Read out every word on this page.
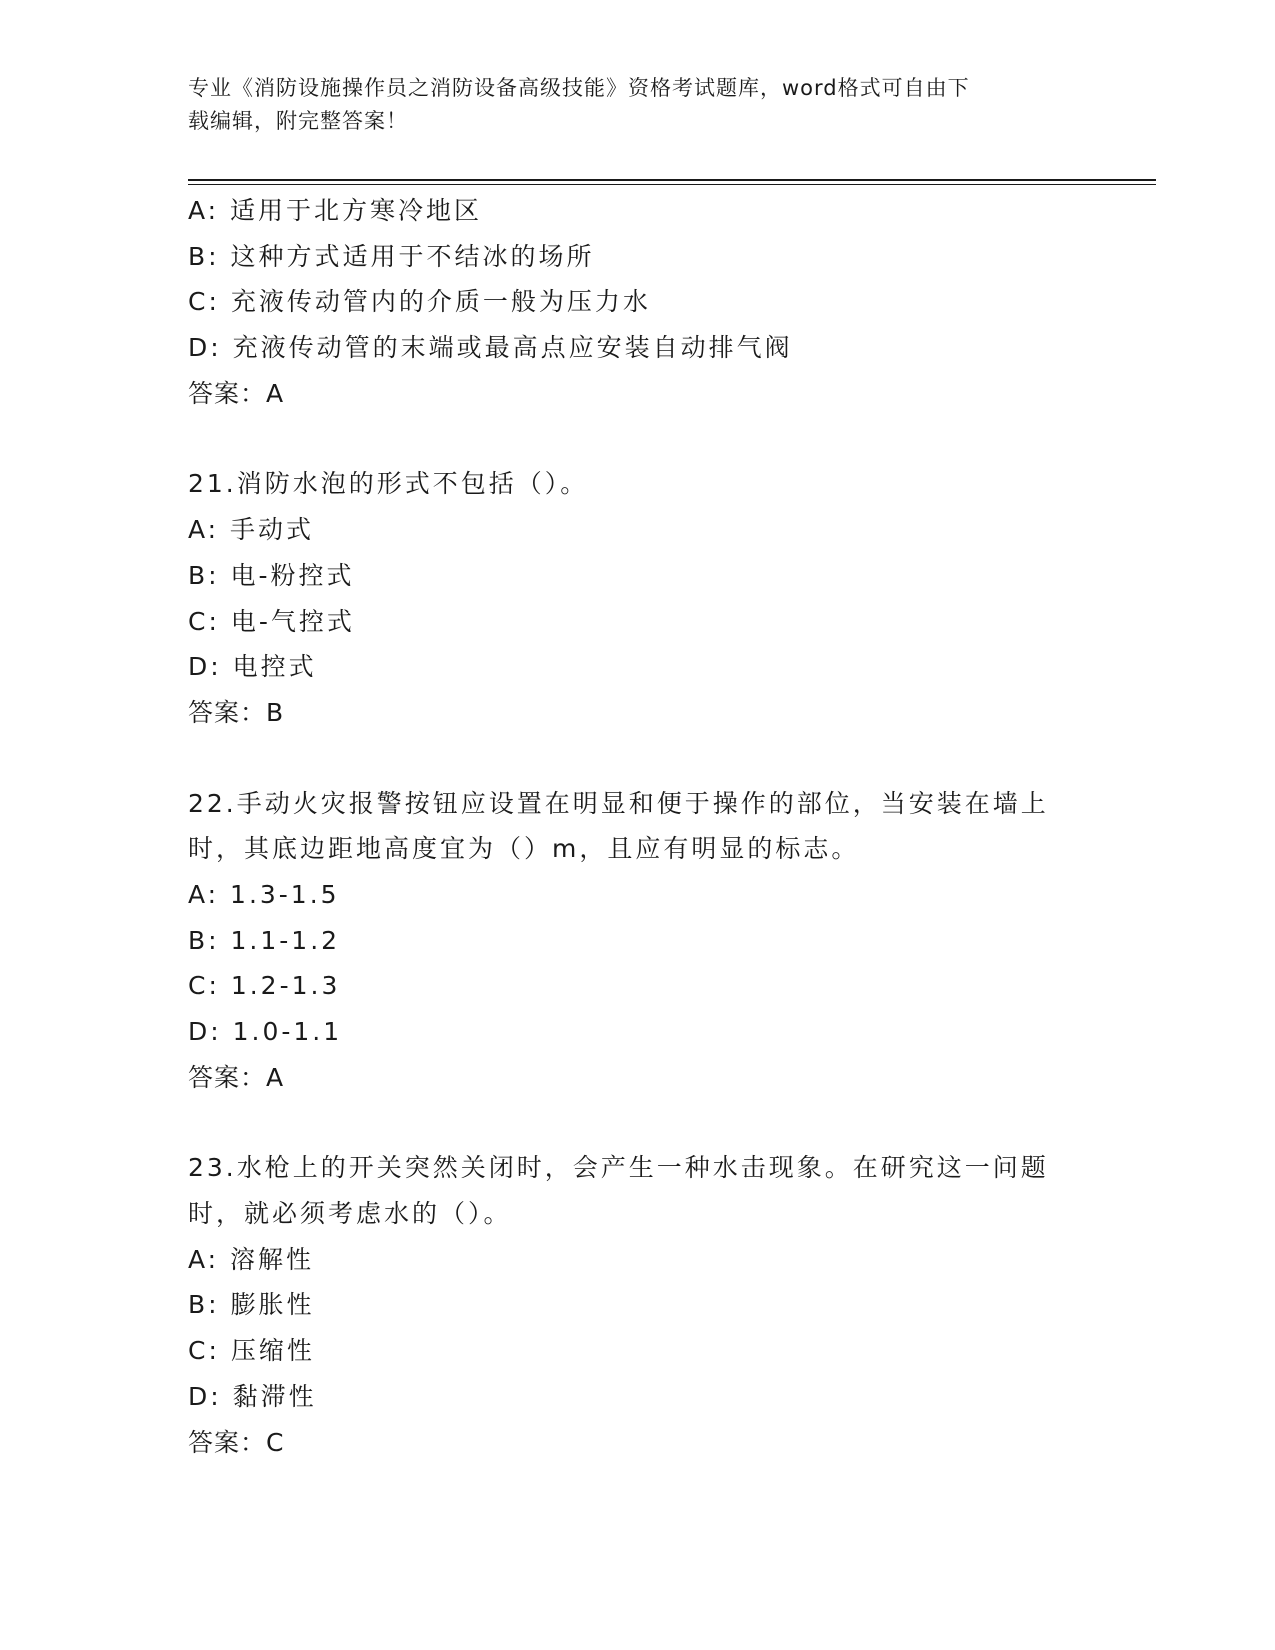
专业《消防设施操作员之消防设备高级技能》资格考试题库，word格式可自由下
载编辑，附完整答案！
A: 适用于北方寒冷地区
B: 这种方式适用于不结冰的场所
C: 充液传动管内的介质一般为压力水
D: 充液传动管的末端或最高点应安装自动排气阀
答案：A
21.消防水泡的形式不包括（）。
A: 手动式
B: 电-粉控式
C: 电-气控式
D: 电控式
答案：B
22.手动火灾报警按钮应设置在明显和便于操作的部位，当安装在墙上
时，其底边距地高度宜为（）m，且应有明显的标志。
A: 1.3-1.5
B: 1.1-1.2
C: 1.2-1.3
D: 1.0-1.1
答案：A
23.水枪上的开关突然关闭时，会产生一种水击现象。在研究这一问题
时，就必须考虑水的（）。
A: 溶解性
B: 膨胀性
C: 压缩性
D: 黏滞性
答案：C
